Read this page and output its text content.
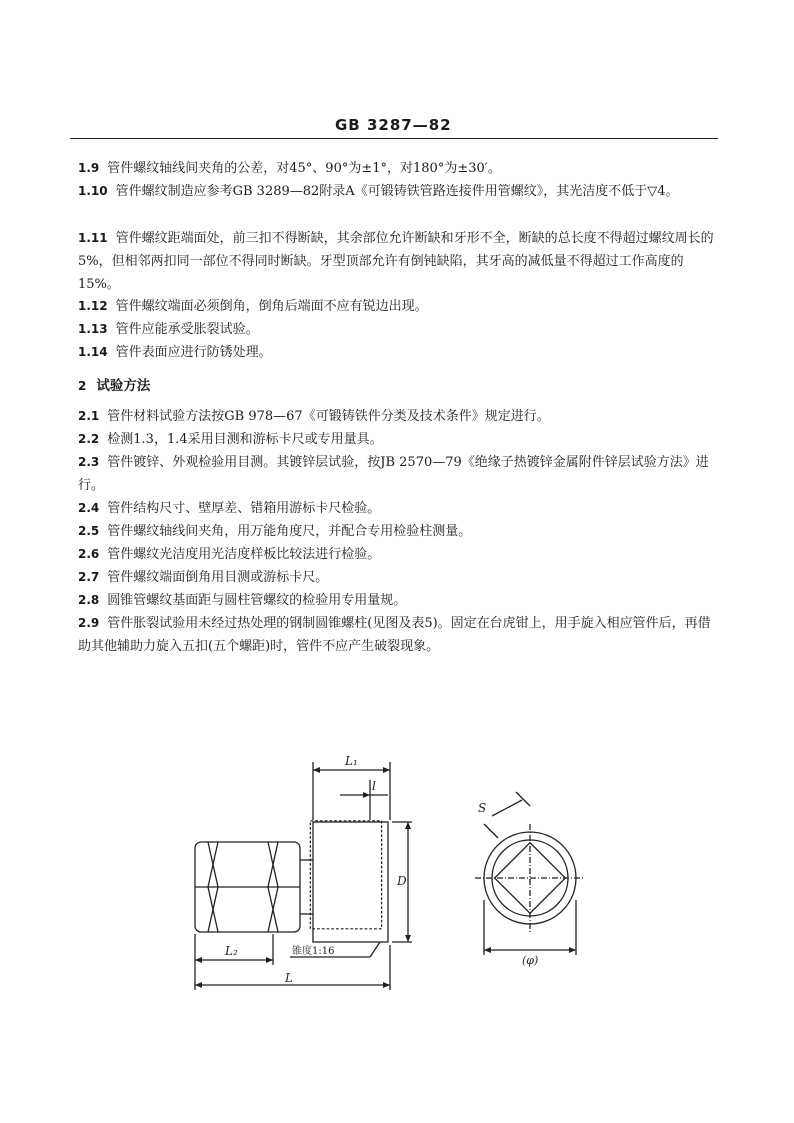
GB 3287—82
1.9 管件螺纹轴线间夹角的公差，对45°、90°为±1°，对180°为±30′。
1.10 管件螺纹制造应参考GB 3289—82附录A《可锻铸铁管路连接件用管螺纹》，其光洁度不低于▽4。
1.11 管件螺纹距端面处，前三扣不得断缺，其余部位允许断缺和牙形不全，断缺的总长度不得超过螺纹周长的5%，但相邻两扣同一部位不得同时断缺。牙型顶部允许有倒钝缺陷，其牙高的减低量不得超过工作高度的15%。
1.12 管件螺纹端面必须倒角，倒角后端面不应有锐边出现。
1.13 管件应能承受胀裂试验。
1.14 管件表面应进行防锈处理。
2 试验方法
2.1 管件材料试验方法按GB 978—67《可锻铸铁件分类及技术条件》规定进行。
2.2 检测1.3，1.4采用目测和游标卡尺或专用量具。
2.3 管件镀锌、外观检验用目测。其镀锌层试验，按JB 2570—79《绝缘子热镀锌金属附件锌层试验方法》进行。
2.4 管件结构尺寸、壁厚差、错箱用游标卡尺检验。
2.5 管件螺纹轴线间夹角，用万能角度尺，并配合专用检验柱测量。
2.6 管件螺纹光洁度用光洁度样板比较法进行检验。
2.7 管件螺纹端面倒角用目测或游标卡尺。
2.8 圆锥管螺纹基面距与圆柱管螺纹的检验用专用量规。
2.9 管件胀裂试验用未经过热处理的钢制圆锥螺柱(见图及表5)。固定在台虎钳上，用手旋入相应管件后，再借助其他辅助力旋入五扣(五个螺距)时，管件不应产生破裂现象。
L₁
l
S
D
L₂
L
(φ)
锥度1:16
